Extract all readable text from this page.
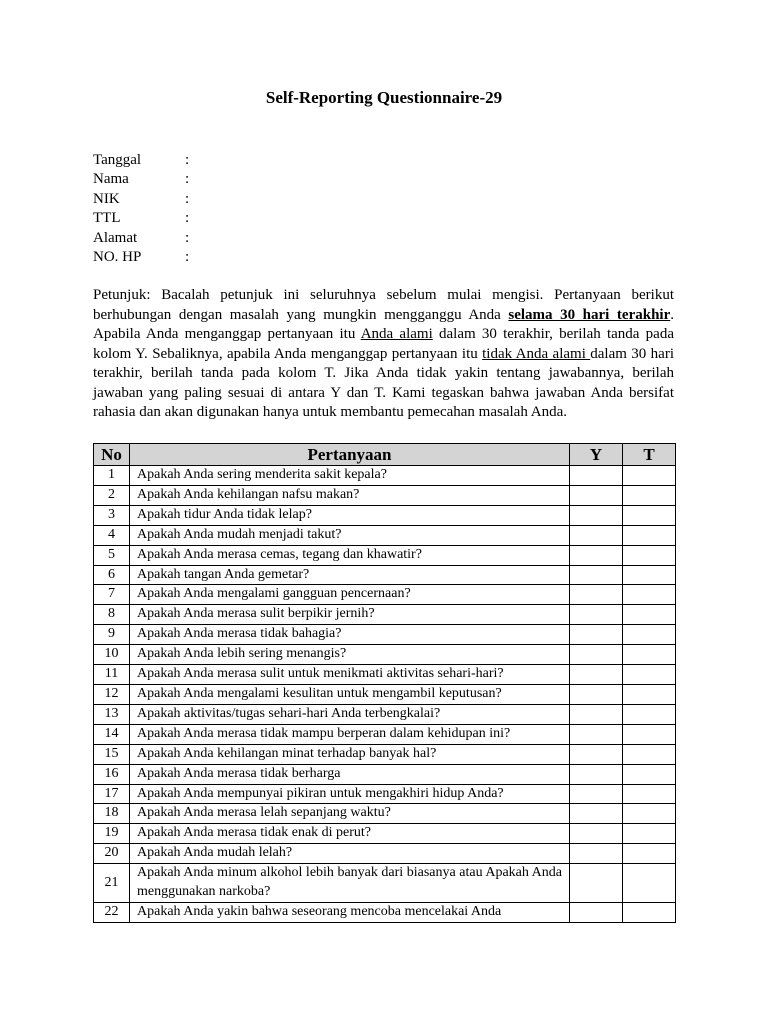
Self-Reporting Questionnaire-29
Tanggal	:
Nama	:
NIK	:
TTL	:
Alamat	:
NO. HP	:
Petunjuk: Bacalah petunjuk ini seluruhnya sebelum mulai mengisi. Pertanyaan berikut berhubungan dengan masalah yang mungkin mengganggu Anda selama 30 hari terakhir. Apabila Anda menganggap pertanyaan itu Anda alami dalam 30 terakhir, berilah tanda pada kolom Y. Sebaliknya, apabila Anda menganggap pertanyaan itu tidak Anda alami dalam 30 hari terakhir, berilah tanda pada kolom T. Jika Anda tidak yakin tentang jawabannya, berilah jawaban yang paling sesuai di antara Y dan T. Kami tegaskan bahwa jawaban Anda bersifat rahasia dan akan digunakan hanya untuk membantu pemecahan masalah Anda.
No	Pertanyaan	Y	T
1	Apakah Anda sering menderita sakit kepala?		
2	Apakah Anda kehilangan nafsu makan?		
3	Apakah tidur Anda tidak lelap?		
4	Apakah Anda mudah menjadi takut?		
5	Apakah Anda merasa cemas, tegang dan khawatir?		
6	Apakah tangan Anda gemetar?		
7	Apakah Anda mengalami gangguan pencernaan?		
8	Apakah Anda merasa sulit berpikir jernih?		
9	Apakah Anda merasa tidak bahagia?		
10	Apakah Anda lebih sering menangis?		
11	Apakah Anda merasa sulit untuk menikmati aktivitas sehari-hari?		
12	Apakah Anda mengalami kesulitan untuk mengambil keputusan?		
13	Apakah aktivitas/tugas sehari-hari Anda terbengkalai?		
14	Apakah Anda merasa tidak mampu berperan dalam kehidupan ini?		
15	Apakah Anda kehilangan minat terhadap banyak hal?		
16	Apakah Anda merasa tidak berharga		
17	Apakah Anda mempunyai pikiran untuk mengakhiri hidup Anda?		
18	Apakah Anda merasa lelah sepanjang waktu?		
19	Apakah Anda merasa tidak enak di perut?		
20	Apakah Anda mudah lelah?		
21	Apakah Anda minum alkohol lebih banyak dari biasanya atau Apakah Anda menggunakan narkoba?		
22	Apakah Anda yakin bahwa seseorang mencoba mencelakai Anda		
